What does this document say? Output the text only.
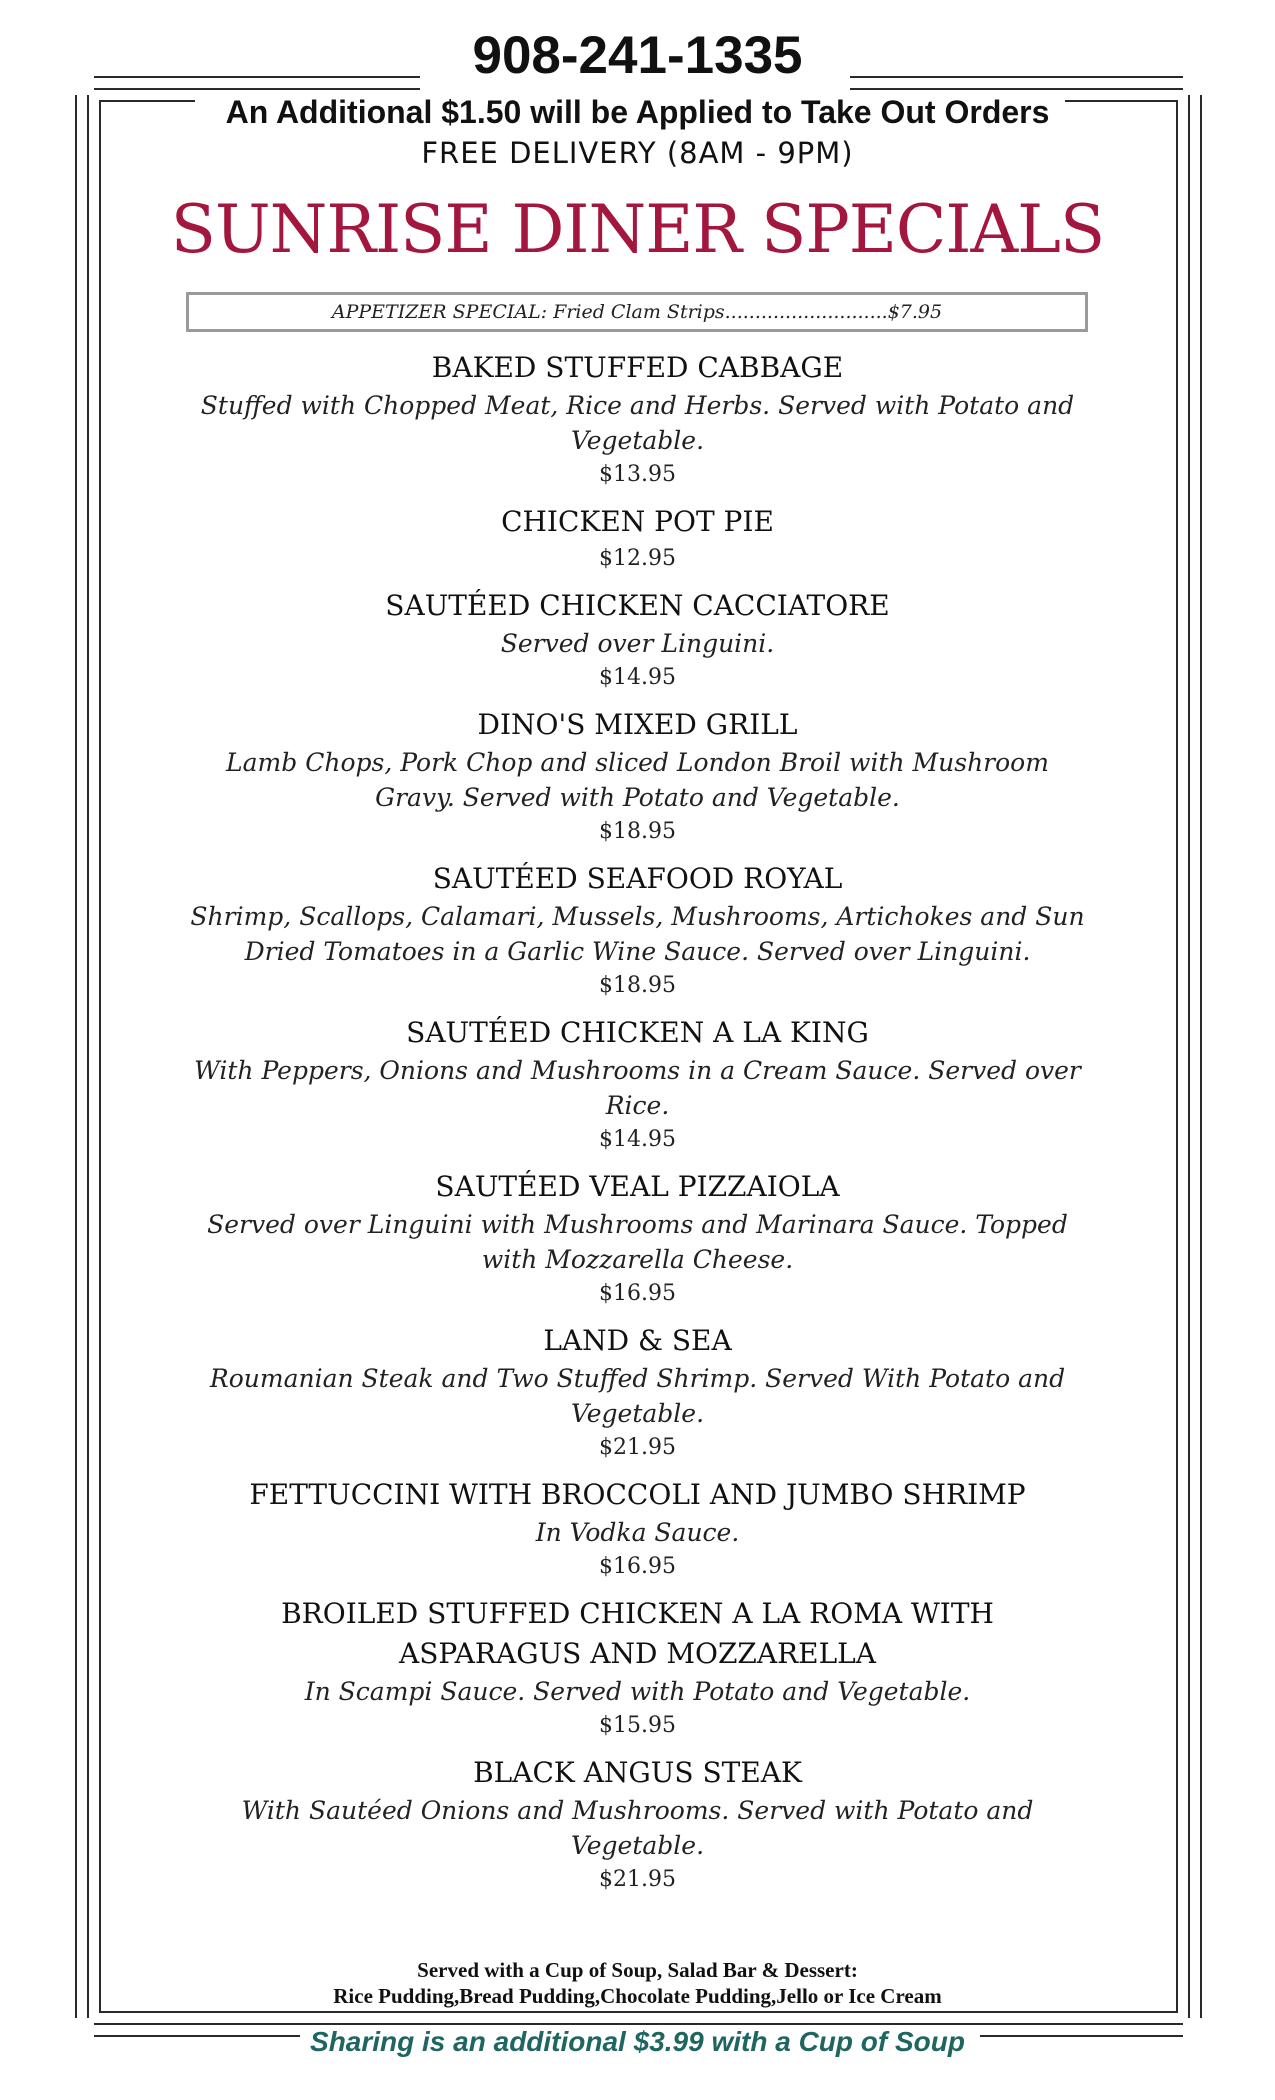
908-241-1335
An Additional $1.50 will be Applied to Take Out Orders
FREE DELIVERY (8AM - 9PM)
SUNRISE DINER SPECIALS
APPETIZER SPECIAL: Fried Clam Strips...........................$7.95
BAKED STUFFED CABBAGE
Stuffed with Chopped Meat, Rice and Herbs. Served with Potato and Vegetable.
$13.95
CHICKEN POT PIE
$12.95
SAUTÉED CHICKEN CACCIATORE
Served over Linguini.
$14.95
DINO'S MIXED GRILL
Lamb Chops, Pork Chop and sliced London Broil with Mushroom Gravy. Served with Potato and Vegetable.
$18.95
SAUTÉED SEAFOOD ROYAL
Shrimp, Scallops, Calamari, Mussels, Mushrooms, Artichokes and Sun Dried Tomatoes in a Garlic Wine Sauce. Served over Linguini.
$18.95
SAUTÉED CHICKEN A LA KING
With Peppers, Onions and Mushrooms in a Cream Sauce. Served over Rice.
$14.95
SAUTÉED VEAL PIZZAIOLA
Served over Linguini with Mushrooms and Marinara Sauce. Topped with Mozzarella Cheese.
$16.95
LAND & SEA
Roumanian Steak and Two Stuffed Shrimp. Served With Potato and Vegetable.
$21.95
FETTUCCINI WITH BROCCOLI AND JUMBO SHRIMP
In Vodka Sauce.
$16.95
BROILED STUFFED CHICKEN A LA ROMA WITH ASPARAGUS AND MOZZARELLA
In Scampi Sauce. Served with Potato and Vegetable.
$15.95
BLACK ANGUS STEAK
With Sautéed Onions and Mushrooms. Served with Potato and Vegetable.
$21.95
Served with a Cup of Soup, Salad Bar & Dessert:
Rice Pudding,Bread Pudding,Chocolate Pudding,Jello or Ice Cream
Sharing is an additional $3.99 with a Cup of Soup
